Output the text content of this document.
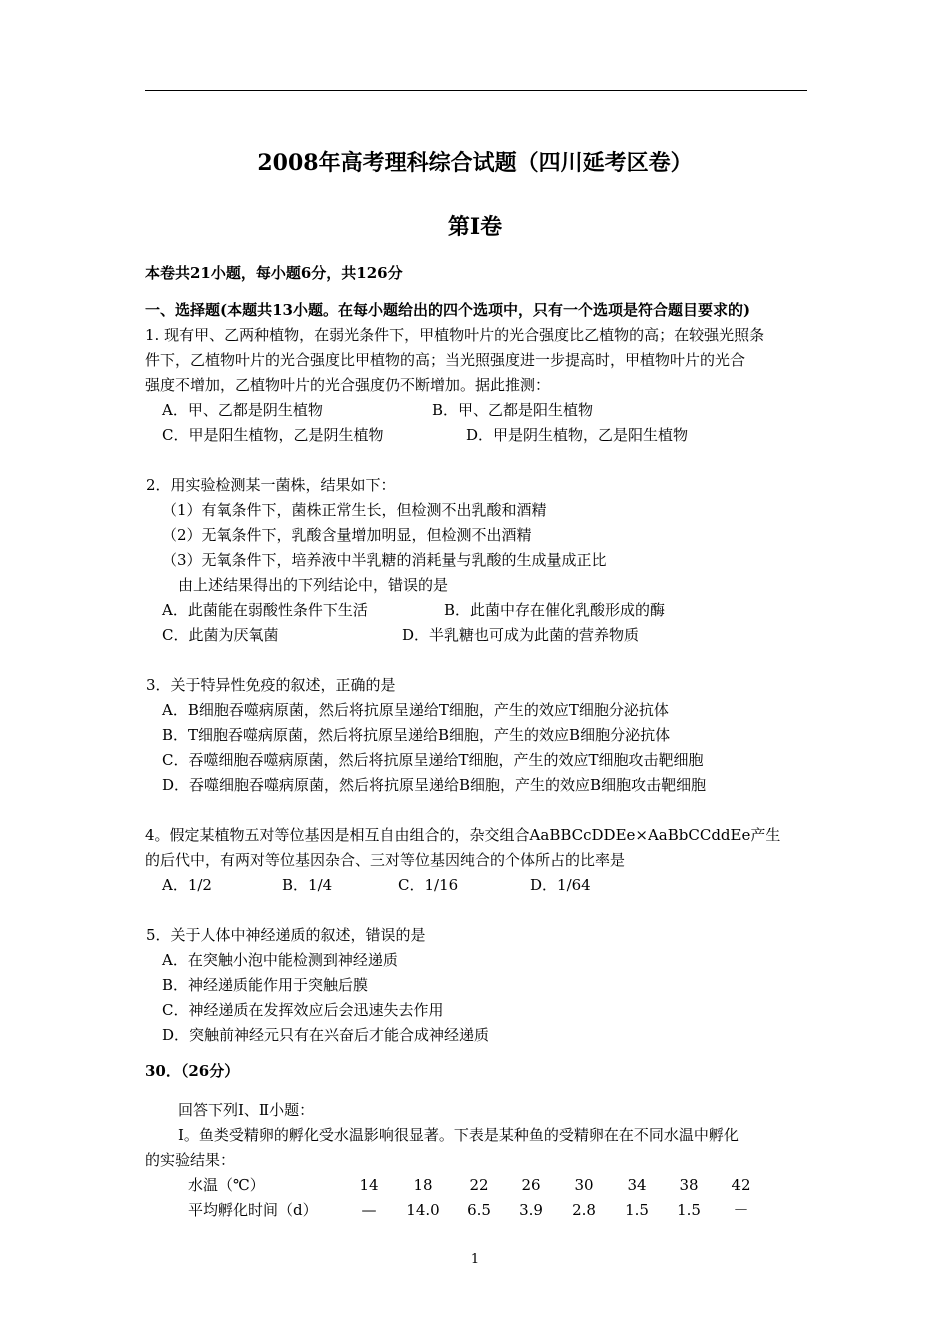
2008年高考理科综合试题（四川延考区卷）
第Ⅰ卷
本卷共21小题，每小题6分，共126分
一、选择题(本题共13小题。在每小题给出的四个选项中，只有一个选项是符合题目要求的)
1. 现有甲、乙两种植物，在弱光条件下，甲植物叶片的光合强度比乙植物的高；在较强光照条
件下，乙植物叶片的光合强度比甲植物的高；当光照强度进一步提高时，甲植物叶片的光合
强度不增加，乙植物叶片的光合强度仍不断增加。据此推测：
A．甲、乙都是阴生植物	B．甲、乙都是阳生植物
C．甲是阳生植物，乙是阴生植物	D．甲是阴生植物，乙是阳生植物
2．用实验检测某一菌株，结果如下：
（1）有氧条件下，菌株正常生长，但检测不出乳酸和酒精
（2）无氧条件下，乳酸含量增加明显，但检测不出酒精
（3）无氧条件下，培养液中半乳糖的消耗量与乳酸的生成量成正比
由上述结果得出的下列结论中，错误的是
A．此菌能在弱酸性条件下生活	B．此菌中存在催化乳酸形成的酶
C．此菌为厌氧菌	D．半乳糖也可成为此菌的营养物质
3．关于特异性免疫的叙述，正确的是
A．B细胞吞噬病原菌，然后将抗原呈递给T细胞，产生的效应T细胞分泌抗体
B．T细胞吞噬病原菌，然后将抗原呈递给B细胞，产生的效应B细胞分泌抗体
C．吞噬细胞吞噬病原菌，然后将抗原呈递给T细胞，产生的效应T细胞攻击靶细胞
D．吞噬细胞吞噬病原菌，然后将抗原呈递给B细胞，产生的效应B细胞攻击靶细胞
4。假定某植物五对等位基因是相互自由组合的，杂交组合AaBBCcDDEe×AaBbCCddEe产生
的后代中，有两对等位基因杂合、三对等位基因纯合的个体所占的比率是
A．1/2	B．1/4	C．1/16	D．1/64
5．关于人体中神经递质的叙述，错误的是
A．在突触小泡中能检测到神经递质
B．神经递质能作用于突触后膜
C．神经递质在发挥效应后会迅速失去作用
D．突触前神经元只有在兴奋后才能合成神经递质
30．（26分）
回答下列Ⅰ、Ⅱ小题：
Ⅰ。鱼类受精卵的孵化受水温影响很显著。下表是某种鱼的受精卵在在不同水温中孵化
的实验结果：
水温（℃）	14	18	22	26	30	34	38	42
平均孵化时间（d）	—	14.0	6.5	3.9	2.8	1.5	1.5	－
1
